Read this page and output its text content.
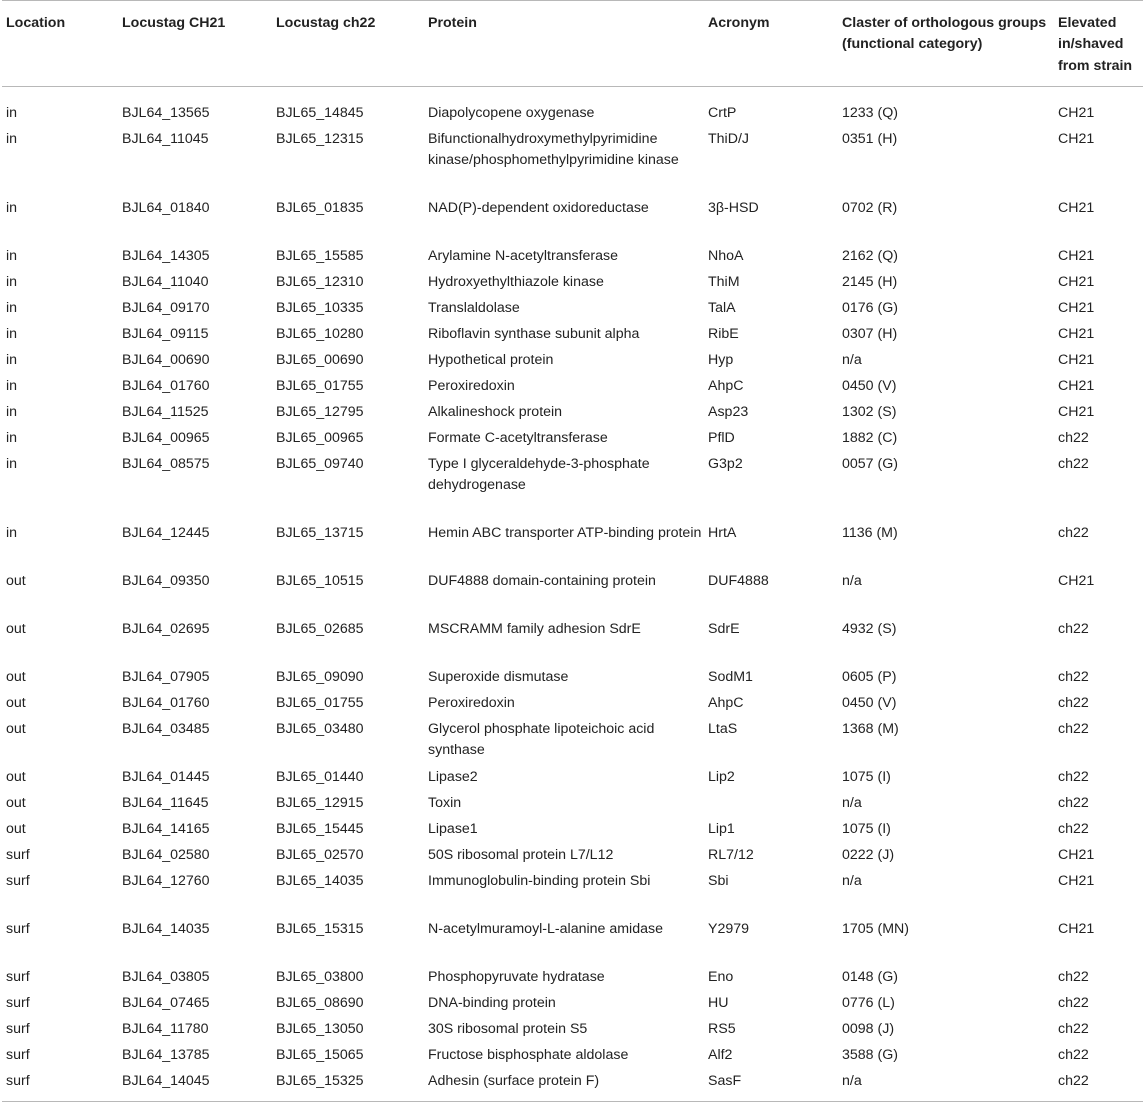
Location	Locustag CH21	Locustag ch22	Protein	Acronym	Claster of orthologous groups (functional category)	Elevated in/shaved from strain
in	BJL64_13565	BJL65_14845	Diapolycopene oxygenase	CrtP	1233 (Q)	CH21
in	BJL64_11045	BJL65_12315	Bifunctionalhydroxymethylpyrimidine kinase/phosphomethylpyrimidine kinase	ThiD/J	0351 (H)	CH21
in	BJL64_01840	BJL65_01835	NAD(P)-dependent oxidoreductase	3β-HSD	0702 (R)	CH21
in	BJL64_14305	BJL65_15585	Arylamine N-acetyltransferase	NhoA	2162 (Q)	CH21
in	BJL64_11040	BJL65_12310	Hydroxyethylthiazole kinase	ThiM	2145 (H)	CH21
in	BJL64_09170	BJL65_10335	Translaldolase	TalA	0176 (G)	CH21
in	BJL64_09115	BJL65_10280	Riboflavin synthase subunit alpha	RibE	0307 (H)	CH21
in	BJL64_00690	BJL65_00690	Hypothetical protein	Hyp	n/a	CH21
in	BJL64_01760	BJL65_01755	Peroxiredoxin	AhpC	0450 (V)	CH21
in	BJL64_11525	BJL65_12795	Alkalineshock protein	Asp23	1302 (S)	CH21
in	BJL64_00965	BJL65_00965	Formate C-acetyltransferase	PflD	1882 (C)	ch22
in	BJL64_08575	BJL65_09740	Type I glyceraldehyde-3-phosphate dehydrogenase	G3p2	0057 (G)	ch22
in	BJL64_12445	BJL65_13715	Hemin ABC transporter ATP-binding protein	HrtA	1136 (M)	ch22
out	BJL64_09350	BJL65_10515	DUF4888 domain-containing protein	DUF4888	n/a	CH21
out	BJL64_02695	BJL65_02685	MSCRAMM family adhesion SdrE	SdrE	4932 (S)	ch22
out	BJL64_07905	BJL65_09090	Superoxide dismutase	SodM1	0605 (P)	ch22
out	BJL64_01760	BJL65_01755	Peroxiredoxin	AhpC	0450 (V)	ch22
out	BJL64_03485	BJL65_03480	Glycerol phosphate lipoteichoic acid synthase	LtaS	1368 (M)	ch22
out	BJL64_01445	BJL65_01440	Lipase2	Lip2	1075 (I)	ch22
out	BJL64_11645	BJL65_12915	Toxin		n/a	ch22
out	BJL64_14165	BJL65_15445	Lipase1	Lip1	1075 (I)	ch22
surf	BJL64_02580	BJL65_02570	50S ribosomal protein L7/L12	RL7/12	0222 (J)	CH21
surf	BJL64_12760	BJL65_14035	Immunoglobulin-binding protein Sbi	Sbi	n/a	CH21
surf	BJL64_14035	BJL65_15315	N-acetylmuramoyl-L-alanine amidase	Y2979	1705 (MN)	CH21
surf	BJL64_03805	BJL65_03800	Phosphopyruvate hydratase	Eno	0148 (G)	ch22
surf	BJL64_07465	BJL65_08690	DNA-binding protein	HU	0776 (L)	ch22
surf	BJL64_11780	BJL65_13050	30S ribosomal protein S5	RS5	0098 (J)	ch22
surf	BJL64_13785	BJL65_15065	Fructose bisphosphate aldolase	Alf2	3588 (G)	ch22
surf	BJL64_14045	BJL65_15325	Adhesin (surface protein F)	SasF	n/a	ch22
